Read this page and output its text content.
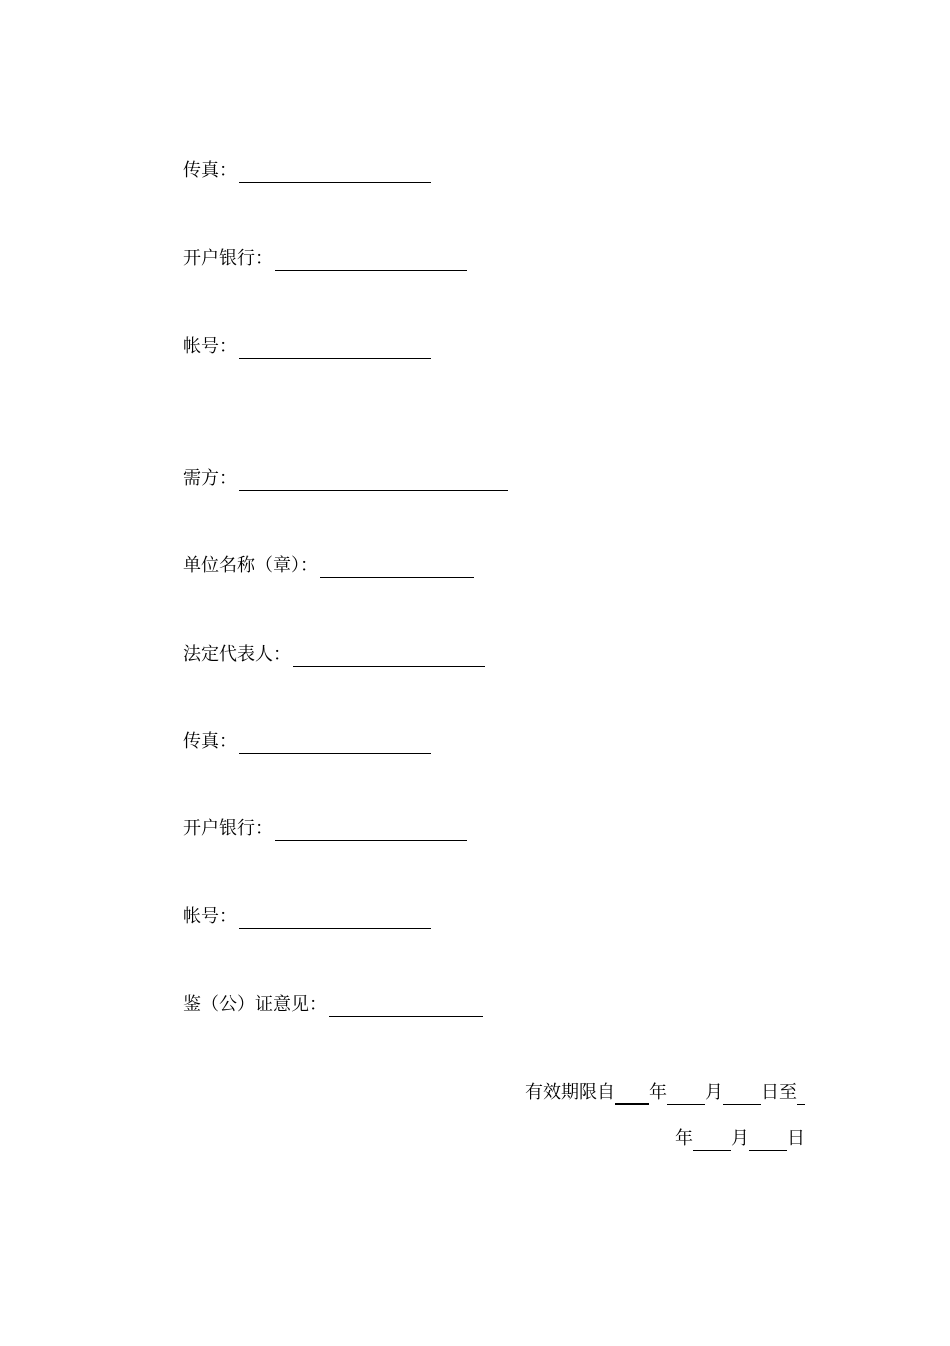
传真：
开户银行：
帐号：
需方：
单位名称（章）：
法定代表人：
传真：
开户银行：
帐号：
鉴（公）证意见：
有效期限自 年 月 日至
年 月 日
